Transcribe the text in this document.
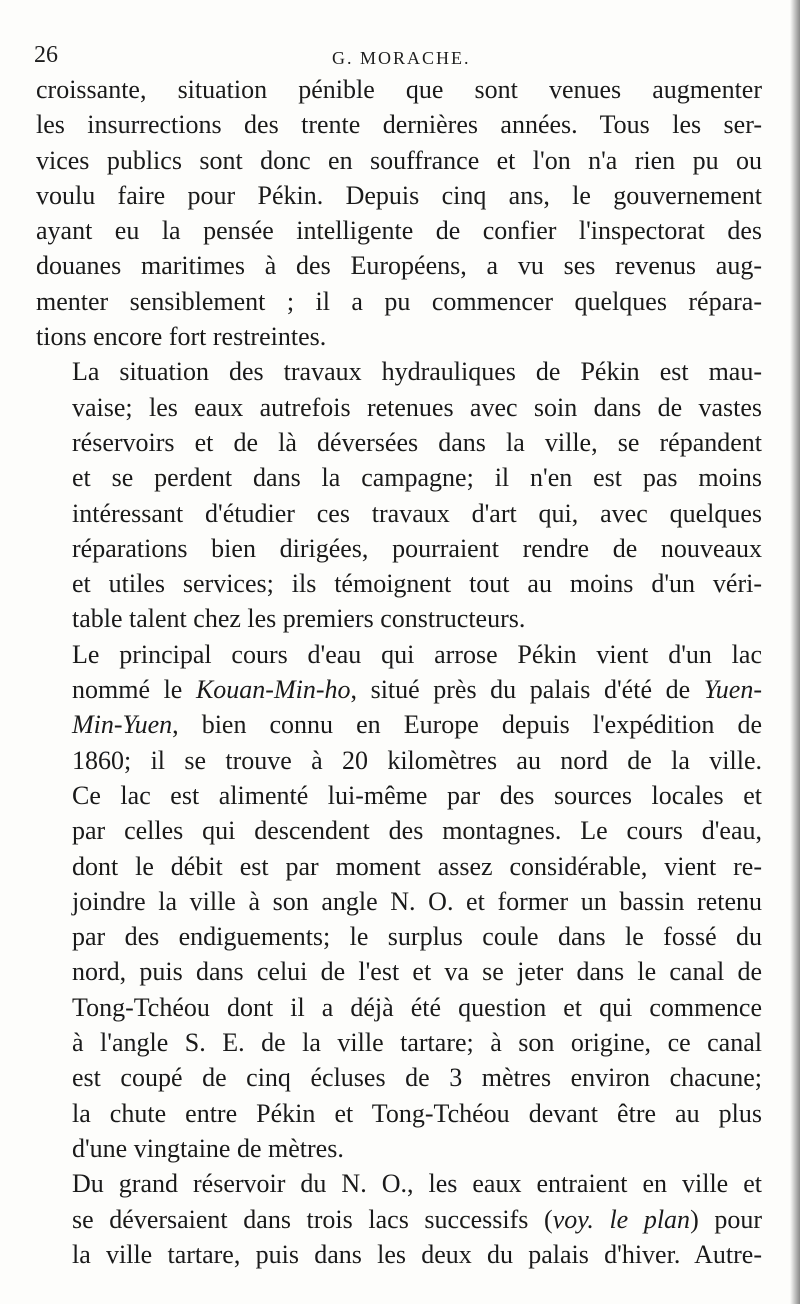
26	G. MORACHE.

croissante, situation pénible que sont venues augmenter
les insurrections des trente dernières années. Tous les ser-
vices publics sont donc en souffrance et l'on n'a rien pu ou
voulu faire pour Pékin. Depuis cinq ans, le gouvernement
ayant eu la pensée intelligente de confier l'inspectorat des
douanes maritimes à des Européens, a vu ses revenus aug-
menter sensiblement ; il a pu commencer quelques répara-
tions encore fort restreintes.

La situation des travaux hydrauliques de Pékin est mau-
vaise; les eaux autrefois retenues avec soin dans de vastes
réservoirs et de là déversées dans la ville, se répandent
et se perdent dans la campagne; il n'en est pas moins
intéressant d'étudier ces travaux d'art qui, avec quelques
réparations bien dirigées, pourraient rendre de nouveaux
et utiles services; ils témoignent tout au moins d'un véri-
table talent chez les premiers constructeurs.

Le principal cours d'eau qui arrose Pékin vient d'un lac
nommé le Kouan-Min-ho, situé près du palais d'été de Yuen-
Min-Yuen, bien connu en Europe depuis l'expédition de
1860; il se trouve à 20 kilomètres au nord de la ville.
Ce lac est alimenté lui-même par des sources locales et
par celles qui descendent des montagnes. Le cours d'eau,
dont le débit est par moment assez considérable, vient re-
joindre la ville à son angle N. O. et former un bassin retenu
par des endiguements; le surplus coule dans le fossé du
nord, puis dans celui de l'est et va se jeter dans le canal de
Tong-Tchéou dont il a déjà été question et qui commence
à l'angle S. E. de la ville tartare; à son origine, ce canal
est coupé de cinq écluses de 3 mètres environ chacune;
la chute entre Pékin et Tong-Tchéou devant être au plus
d'une vingtaine de mètres.

Du grand réservoir du N. O., les eaux entraient en ville et
se déversaient dans trois lacs successifs (voy. le plan) pour
la ville tartare, puis dans les deux du palais d'hiver. Autre-
